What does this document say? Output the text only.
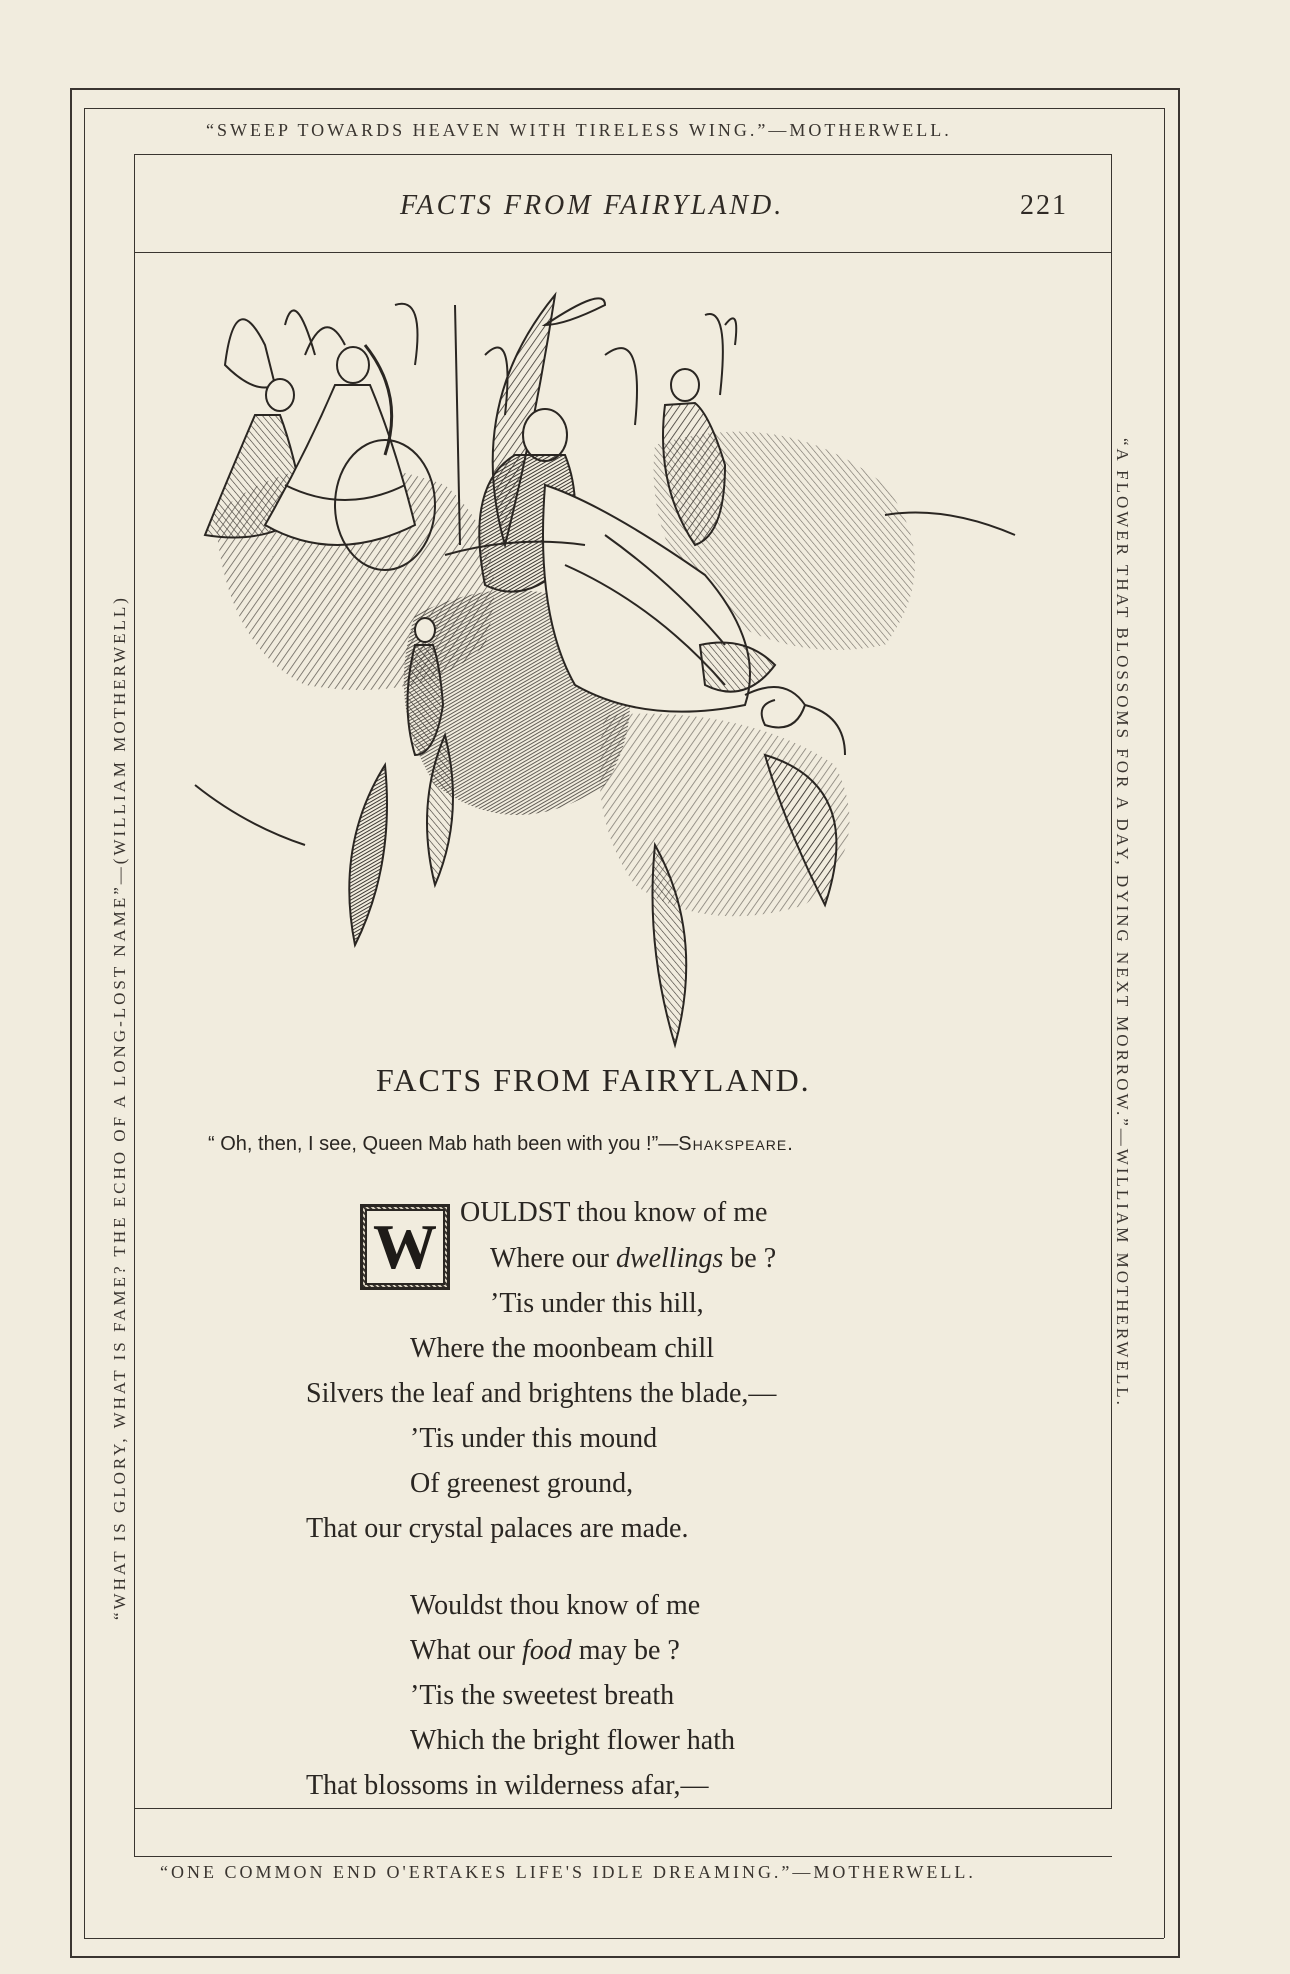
“SWEEP TOWARDS HEAVEN WITH TIRELESS WING.”—MOTHERWELL.
“ONE COMMON END O'ERTAKES LIFE'S IDLE DREAMING.”—MOTHERWELL.
“WHAT IS GLORY, WHAT IS FAME? THE ECHO OF A LONG-LOST NAME”—(WILLIAM MOTHERWELL)	“A FLOWER THAT BLOSSOMS FOR A DAY, DYING NEXT MORROW.”—WILLIAM MOTHERWELL.
FACTS FROM FAIRYLAND.	221
FACTS FROM FAIRYLAND.
“ Oh, then, I see, Queen Mab hath been with you !”—Shakspeare.
W OULDST thou know of me
Where our dwellings be ?
’Tis under this hill,
Where the moonbeam chill
Silvers the leaf and brightens the blade,—
’Tis under this mound
Of greenest ground,
That our crystal palaces are made.
Wouldst thou know of me
What our food may be ?
’Tis the sweetest breath
Which the bright flower hath
That blossoms in wilderness afar,—
